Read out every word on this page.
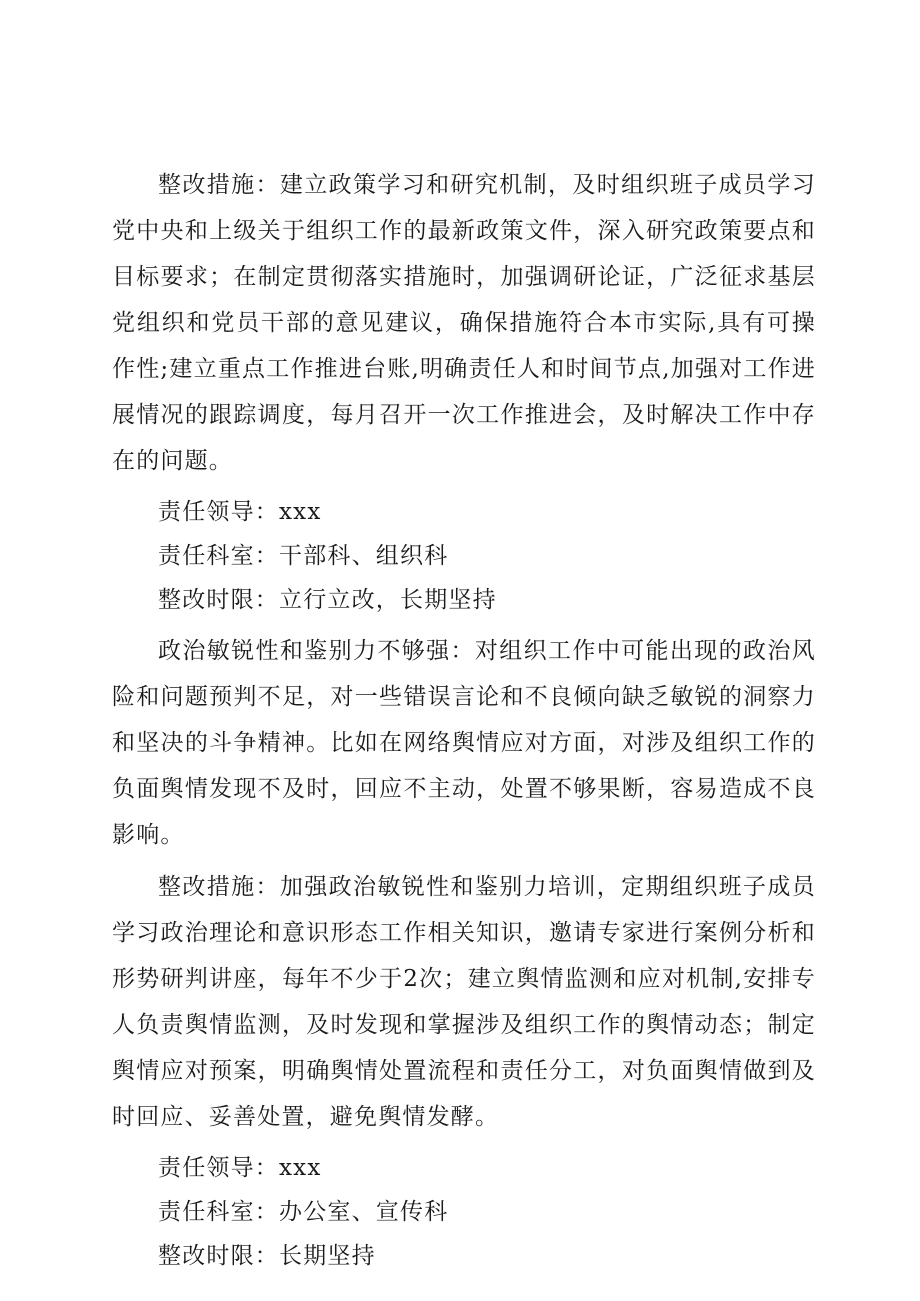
整改措施：建立政策学习和研究机制，及时组织班子成员学习党中央和上级关于组织工作的最新政策文件，深入研究政策要点和目标要求；在制定贯彻落实措施时，加强调研论证，广泛征求基层党组织和党员干部的意见建议，确保措施符合本市实际,具有可操作性;建立重点工作推进台账,明确责任人和时间节点,加强对工作进展情况的跟踪调度，每月召开一次工作推进会，及时解决工作中存在的问题。

责任领导：xxx

责任科室：干部科、组织科

整改时限：立行立改，长期坚持

政治敏锐性和鉴别力不够强：对组织工作中可能出现的政治风险和问题预判不足，对一些错误言论和不良倾向缺乏敏锐的洞察力和坚决的斗争精神。比如在网络舆情应对方面，对涉及组织工作的负面舆情发现不及时，回应不主动，处置不够果断，容易造成不良影响。

整改措施：加强政治敏锐性和鉴别力培训，定期组织班子成员学习政治理论和意识形态工作相关知识，邀请专家进行案例分析和形势研判讲座，每年不少于2次；建立舆情监测和应对机制,安排专人负责舆情监测，及时发现和掌握涉及组织工作的舆情动态；制定舆情应对预案，明确舆情处置流程和责任分工，对负面舆情做到及时回应、妥善处置，避免舆情发酵。

责任领导：xxx

责任科室：办公室、宣传科

整改时限：长期坚持
